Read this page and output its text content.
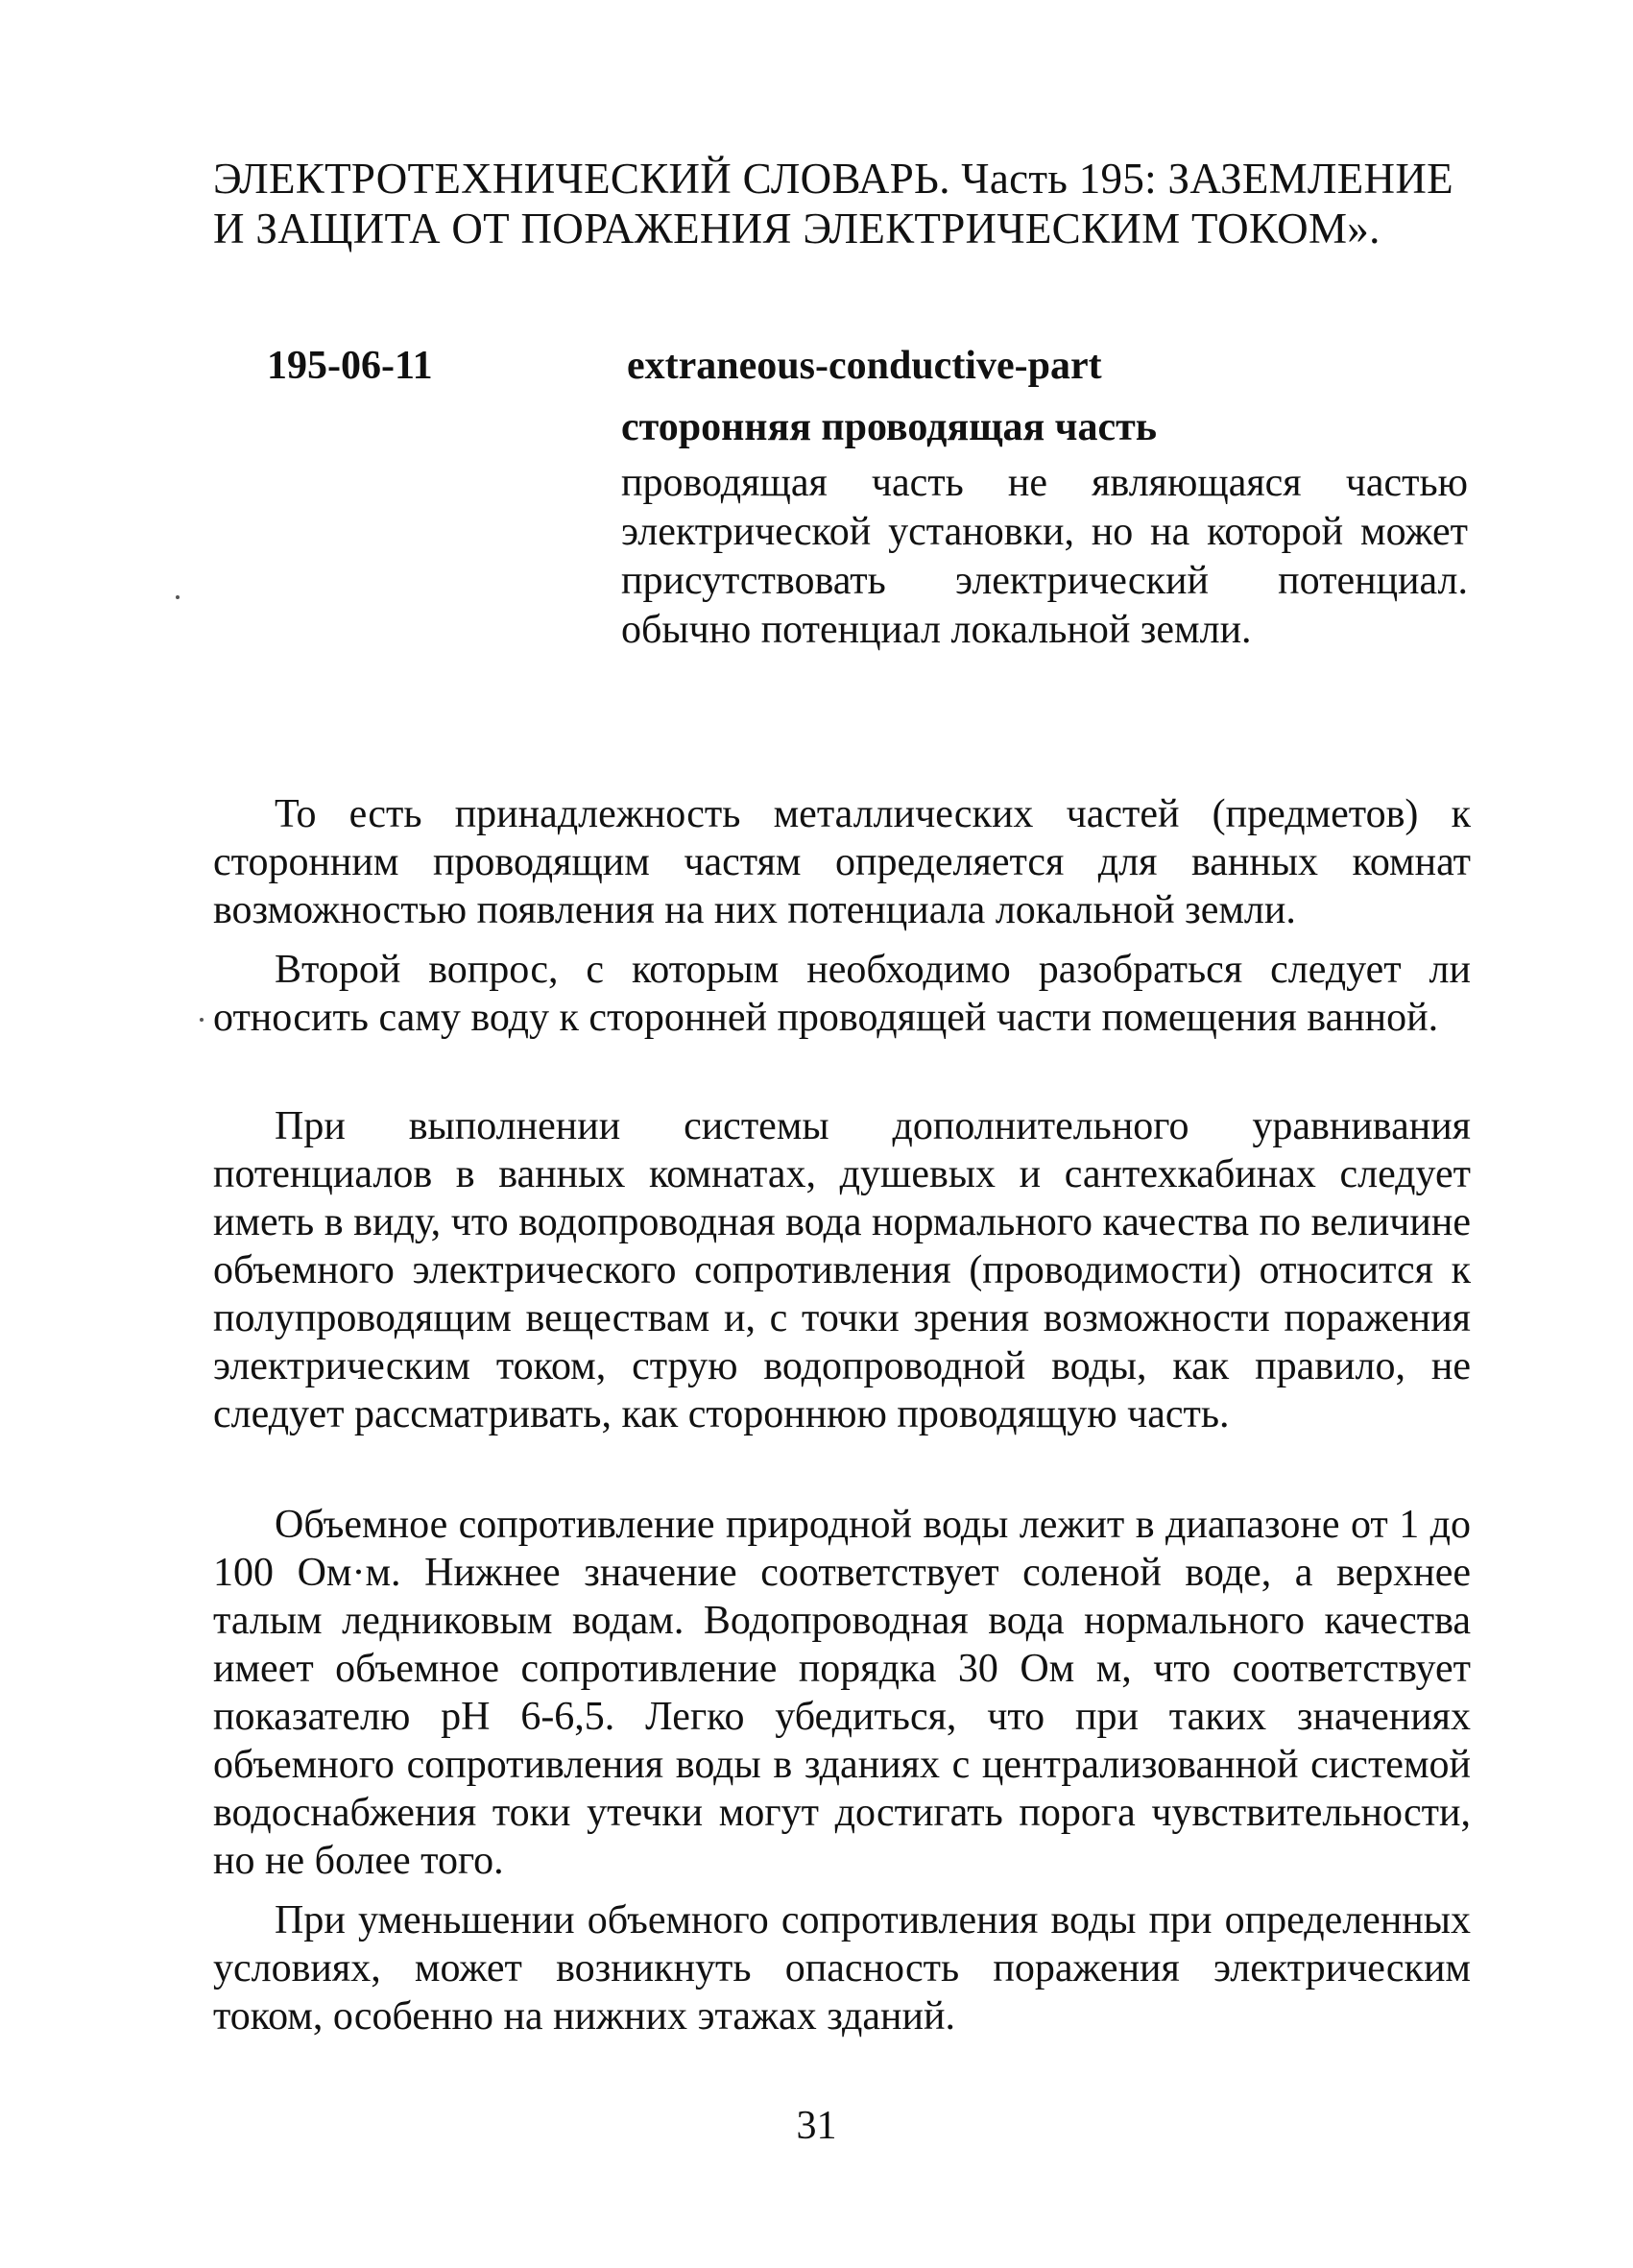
ЭЛЕКТРОТЕХНИЧЕСКИЙ СЛОВАРЬ. Часть 195: ЗАЗЕМЛЕНИЕ
И ЗАЩИТА ОТ ПОРАЖЕНИЯ ЭЛЕКТРИЧЕСКИМ ТОКОМ».
195-06-11	extraneous-conductive-part
сторонняя проводящая часть
проводящая часть не являющаяся частью электрической установки, но на которой может присутствовать электрический потенциал. обычно потенциал локальной земли.
То есть принадлежность металлических частей (предметов) к сторонним проводящим частям определяется для ванных комнат возможностью появления на них потенциала локальной земли.
Второй вопрос, с которым необходимо разобраться следует ли относить саму воду к сторонней проводящей части помещения ванной.
При выполнении системы дополнительного уравнивания потенциалов в ванных комнатах, душевых и сантехкабинах следует иметь в виду, что водопроводная вода нормального качества по величине объемного электрического сопротивления (проводимости) относится к полупроводящим веществам и, с точки зрения возможности поражения электрическим током, струю водопроводной воды, как правило, не следует рассматривать, как стороннюю проводящую часть.
Объемное сопротивление природной воды лежит в диапазоне от 1 до 100 Ом·м. Нижнее значение соответствует соленой воде, а верхнее талым ледниковым водам. Водопроводная вода нормального качества имеет объемное сопротивление порядка 30 Ом м, что соответствует показателю pH 6-6,5. Легко убедиться, что при таких значениях объемного сопротивления воды в зданиях с централизованной системой водоснабжения токи утечки могут достигать порога чувствительности, но не более того.
При уменьшении объемного сопротивления воды при определенных условиях, может возникнуть опасность поражения электрическим током, особенно на нижних этажах зданий.
31
